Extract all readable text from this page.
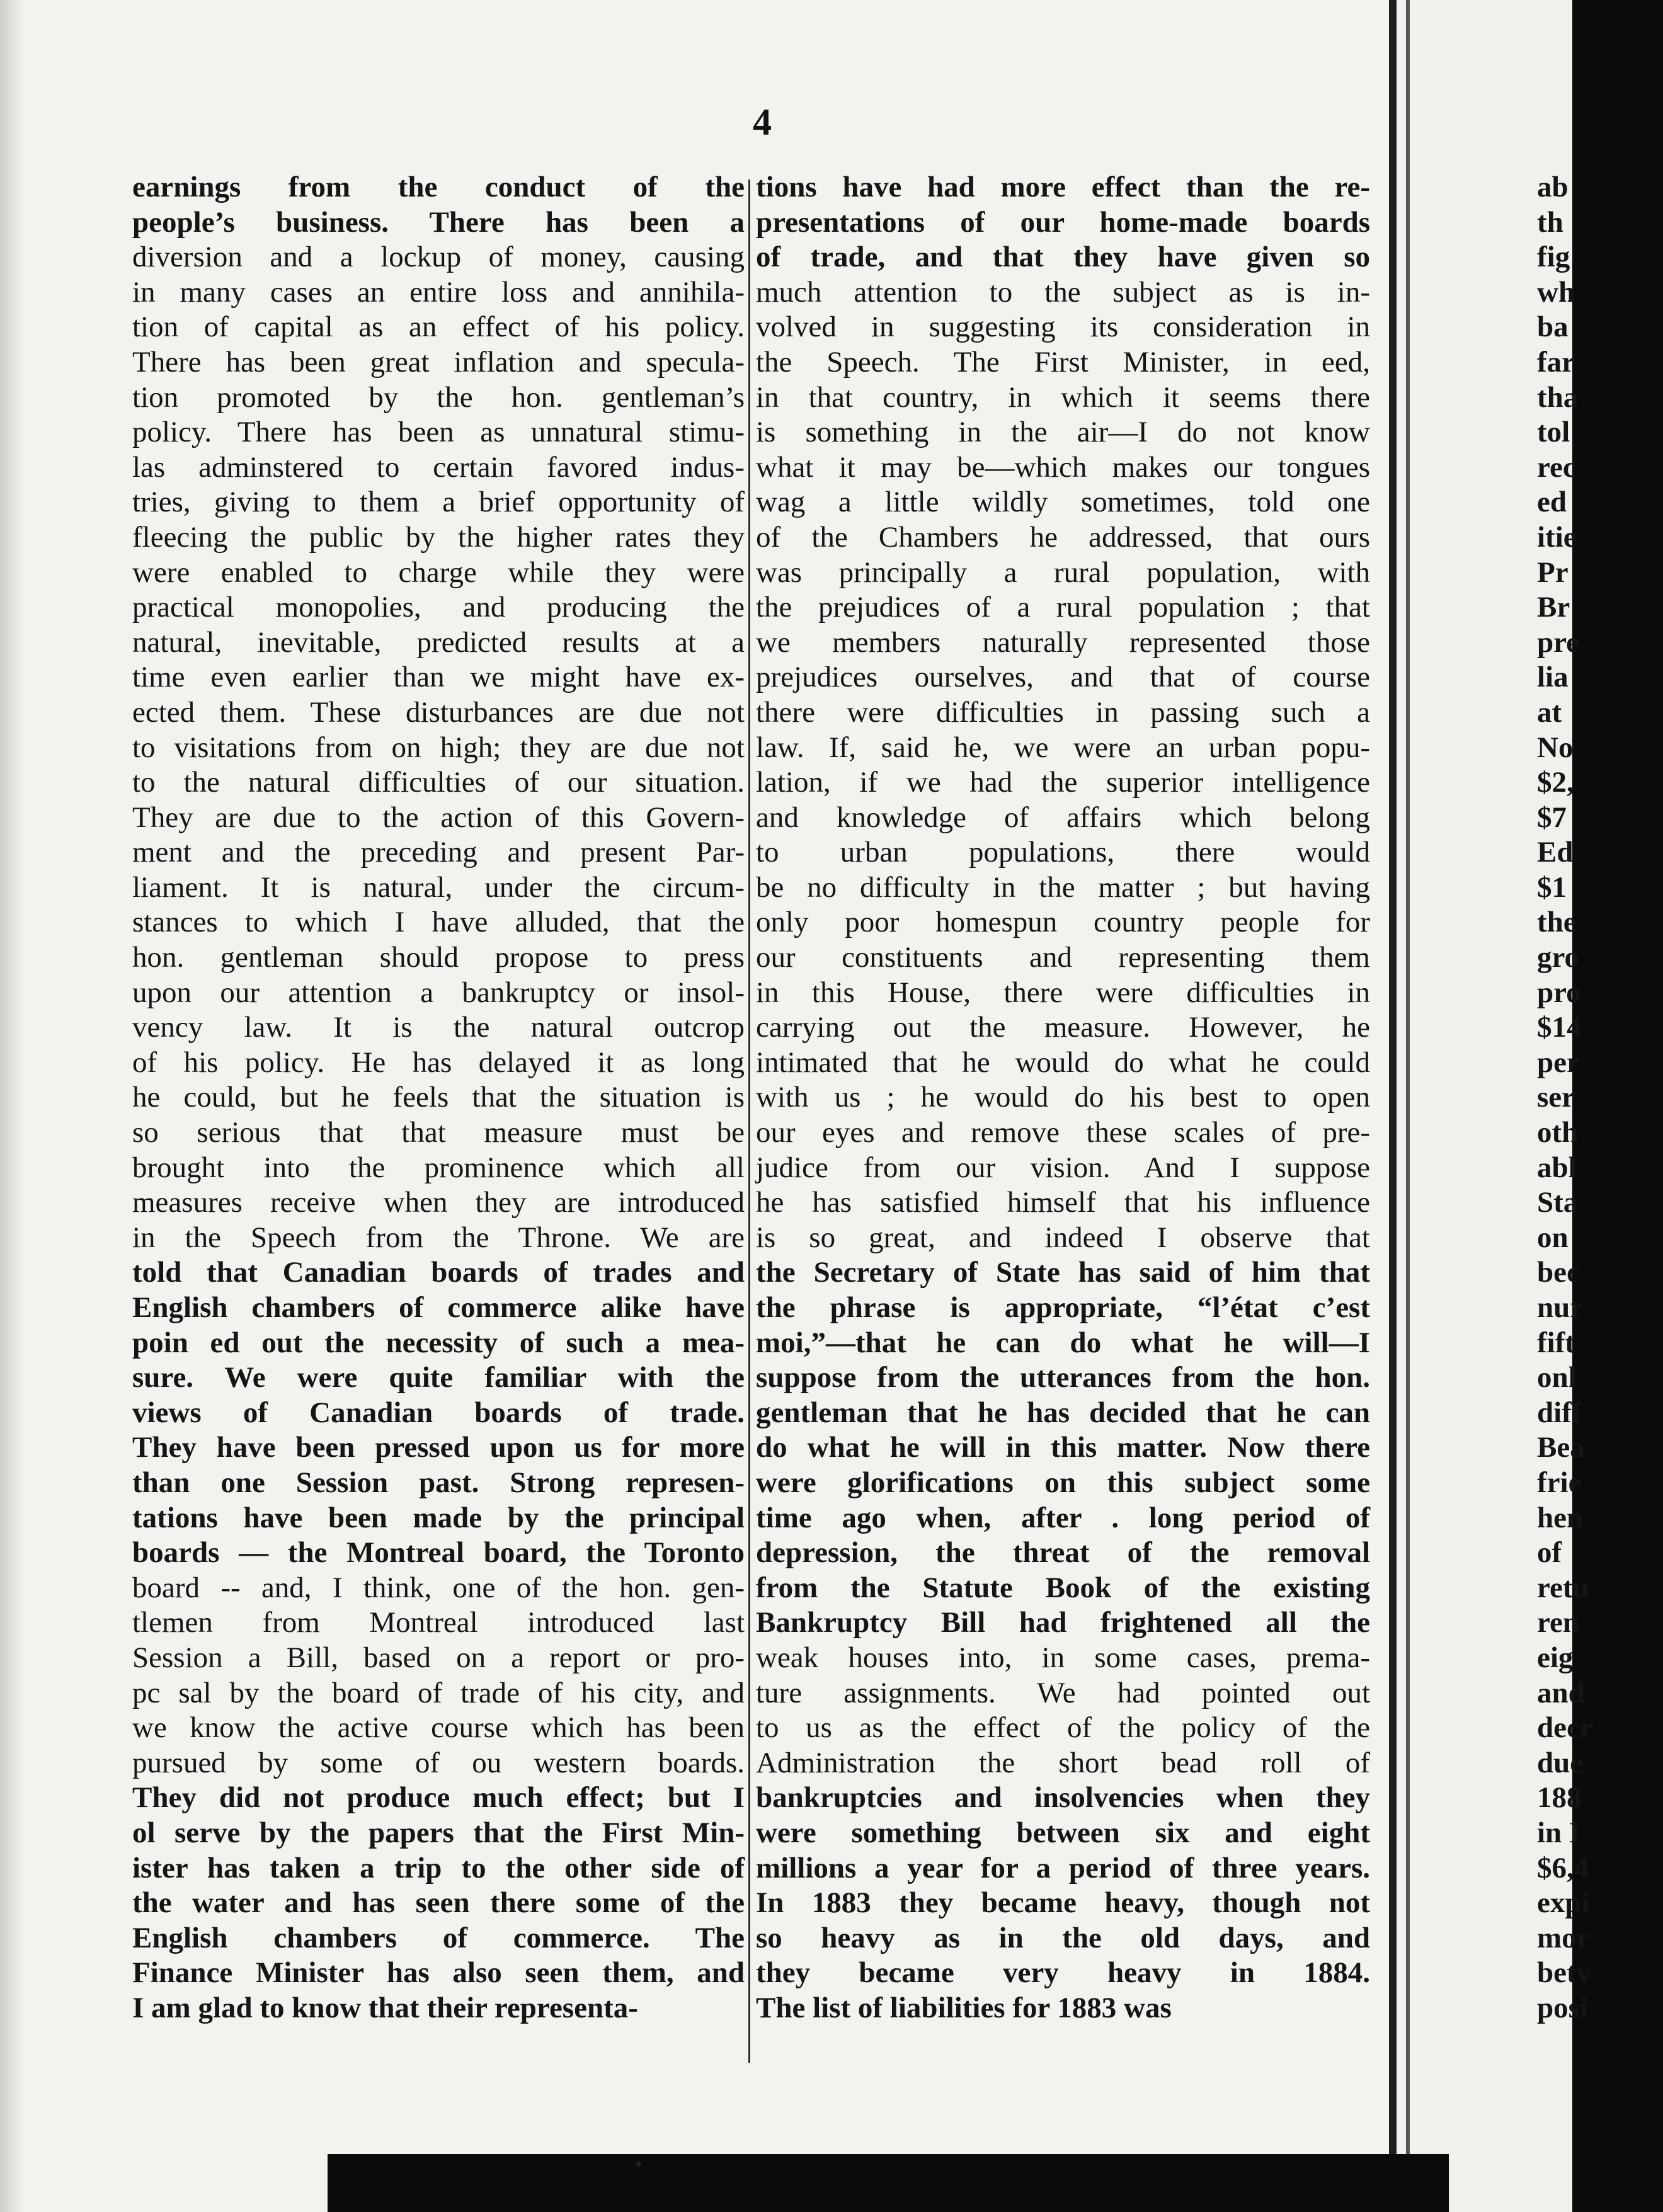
4
earnings from the conduct of the
people’s business. There has been a
diversion and a lockup of money, causing
in many cases an entire loss and annihila-
tion of capital as an effect of his policy.
There has been great inflation and specula-
tion promoted by the hon. gentleman’s
policy. There has been as unnatural stimu-
las adminstered to certain favored indus-
tries, giving to them a brief opportunity of
fleecing the public by the higher rates they
were enabled to charge while they were
practical monopolies, and producing the
natural, inevitable, predicted results at a
time even earlier than we might have ex-
ected them. These disturbances are due not
to visitations from on high; they are due not
to the natural difficulties of our situation.
They are due to the action of this Govern-
ment and the preceding and present Par-
liament. It is natural, under the circum-
stances to which I have alluded, that the
hon. gentleman should propose to press
upon our attention a bankruptcy or insol-
vency law. It is the natural outcrop
of his policy. He has delayed it as long
he could, but he feels that the situation is
so serious that that measure must be
brought into the prominence which all
measures receive when they are introduced
in the Speech from the Throne. We are
told that Canadian boards of trades and
English chambers of commerce alike have
poin ed out the necessity of such a mea-
sure. We were quite familiar with the
views of Canadian boards of trade.
They have been pressed upon us for more
than one Session past. Strong represen-
tations have been made by the principal
boards — the Montreal board, the Toronto
board -- and, I think, one of the hon. gen-
tlemen from Montreal introduced last
Session a Bill, based on a report or pro-
pc sal by the board of trade of his city, and
we know the active course which has been
pursued by some of ou western boards.
They did not produce much effect; but I
ol serve by the papers that the First Min-
ister has taken a trip to the other side of
the water and has seen there some of the
English chambers of commerce. The
Finance Minister has also seen them, and
I am glad to know that their representa-
tions have had more effect than the re-
presentations of our home-made boards
of trade, and that they have given so
much attention to the subject as is in-
volved in suggesting its consideration in
the Speech. The First Minister, in eed,
in that country, in which it seems there
is something in the air—I do not know
what it may be—which makes our tongues
wag a little wildly sometimes, told one
of the Chambers he addressed, that ours
was principally a rural population, with
the prejudices of a rural population ; that
we members naturally represented those
prejudices ourselves, and that of course
there were difficulties in passing such a
law. If, said he, we were an urban popu-
lation, if we had the superior intelligence
and knowledge of affairs which belong
to urban populations, there would
be no difficulty in the matter ; but having
only poor homespun country people for
our constituents and representing them
in this House, there were difficulties in
carrying out the measure. However, he
intimated that he would do what he could
with us ; he would do his best to open
our eyes and remove these scales of pre-
judice from our vision. And I suppose
he has satisfied himself that his influence
is so great, and indeed I observe that
the Secretary of State has said of him that
the phrase is appropriate, “l’état c’est
moi,”—that he can do what he will—I
suppose from the utterances from the hon.
gentleman that he has decided that he can
do what he will in this matter. Now there
were glorifications on this subject some
time ago when, after . long period of
depression, the threat of the removal
from the Statute Book of the existing
Bankruptcy Bill had frightened all the
weak houses into, in some cases, prema-
ture assignments. We had pointed out
to us as the effect of the policy of the
Administration the short bead roll of
bankruptcies and insolvencies when they
were something between six and eight
millions a year for a period of three years.
In 1883 they became heavy, though not
so heavy as in the old days, and
they became very heavy in 1884.
The list of liabilities for 1883 was
ab
th
fig
wh
ba
far
tha
tol
rec
ed
itie
Pr
Br
pre
lia
at
No
$2,
$7
Ed
$1
the
gro
pro
$14
per
ser
oth
abl
Sta
on
bec
nur
fift
onl
diff
Bea
frie
hen
of
retu
ren
eig
and
decr
due
188
in I
$6,4
expi
mor
betv
posi
